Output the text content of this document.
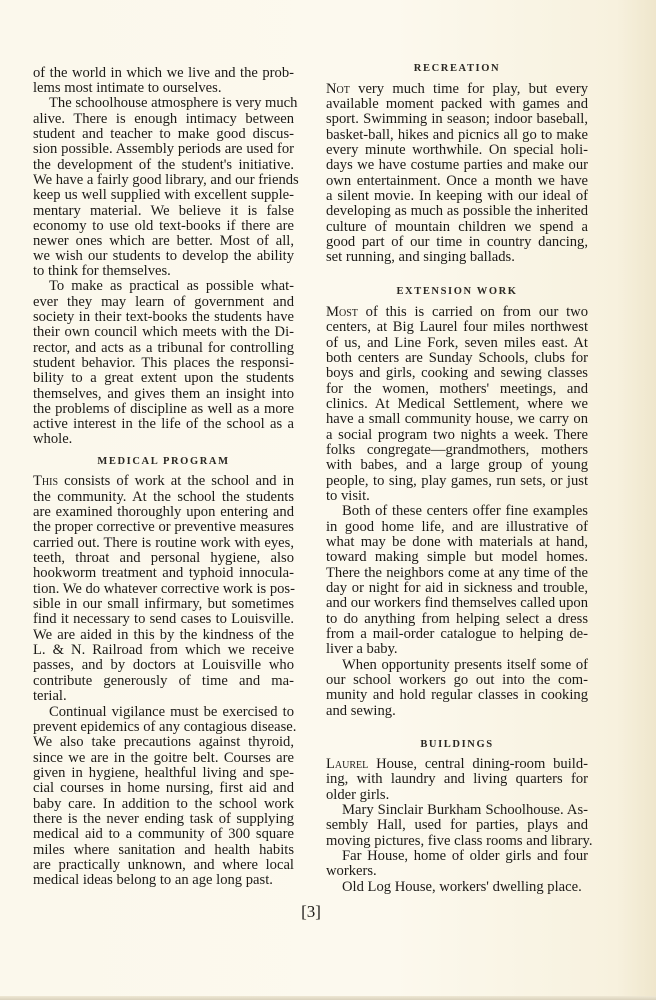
of the world in which we live and the prob-
lems most intimate to ourselves.
The schoolhouse atmosphere is very much
alive. There is enough intimacy between
student and teacher to make good discus-
sion possible. Assembly periods are used for
the development of the student's initiative.
We have a fairly good library, and our friends
keep us well supplied with excellent supple-
mentary material. We believe it is false
economy to use old text-books if there are
newer ones which are better. Most of all,
we wish our students to develop the ability
to think for themselves.
To make as practical as possible what-
ever they may learn of government and
society in their text-books the students have
their own council which meets with the Di-
rector, and acts as a tribunal for controlling
student behavior. This places the responsi-
bility to a great extent upon the students
themselves, and gives them an insight into
the problems of discipline as well as a more
active interest in the life of the school as a
whole.
MEDICAL PROGRAM
This consists of work at the school and in
the community. At the school the students
are examined thoroughly upon entering and
the proper corrective or preventive measures
carried out. There is routine work with eyes,
teeth, throat and personal hygiene, also
hookworm treatment and typhoid innocula-
tion. We do whatever corrective work is pos-
sible in our small infirmary, but sometimes
find it necessary to send cases to Louisville.
We are aided in this by the kindness of the
L. & N. Railroad from which we receive
passes, and by doctors at Louisville who
contribute generously of time and ma-
terial.
Continual vigilance must be exercised to
prevent epidemics of any contagious disease.
We also take precautions against thyroid,
since we are in the goitre belt. Courses are
given in hygiene, healthful living and spe-
cial courses in home nursing, first aid and
baby care. In addition to the school work
there is the never ending task of supplying
medical aid to a community of 300 square
miles where sanitation and health habits
are practically unknown, and where local
medical ideas belong to an age long past.
RECREATION
Not very much time for play, but every
available moment packed with games and
sport. Swimming in season; indoor baseball,
basket-ball, hikes and picnics all go to make
every minute worthwhile. On special holi-
days we have costume parties and make our
own entertainment. Once a month we have
a silent movie. In keeping with our ideal of
developing as much as possible the inherited
culture of mountain children we spend a
good part of our time in country dancing,
set running, and singing ballads.
EXTENSION WORK
Most of this is carried on from our two
centers, at Big Laurel four miles northwest
of us, and Line Fork, seven miles east. At
both centers are Sunday Schools, clubs for
boys and girls, cooking and sewing classes
for the women, mothers' meetings, and
clinics. At Medical Settlement, where we
have a small community house, we carry on
a social program two nights a week. There
folks congregate—grandmothers, mothers
with babes, and a large group of young
people, to sing, play games, run sets, or just
to visit.
Both of these centers offer fine examples
in good home life, and are illustrative of
what may be done with materials at hand,
toward making simple but model homes.
There the neighbors come at any time of the
day or night for aid in sickness and trouble,
and our workers find themselves called upon
to do anything from helping select a dress
from a mail-order catalogue to helping de-
liver a baby.
When opportunity presents itself some of
our school workers go out into the com-
munity and hold regular classes in cooking
and sewing.
BUILDINGS
Laurel House, central dining-room build-
ing, with laundry and living quarters for
older girls.
Mary Sinclair Burkham Schoolhouse. As-
sembly Hall, used for parties, plays and
moving pictures, five class rooms and library.
Far House, home of older girls and four
workers.
Old Log House, workers' dwelling place.
[3]
